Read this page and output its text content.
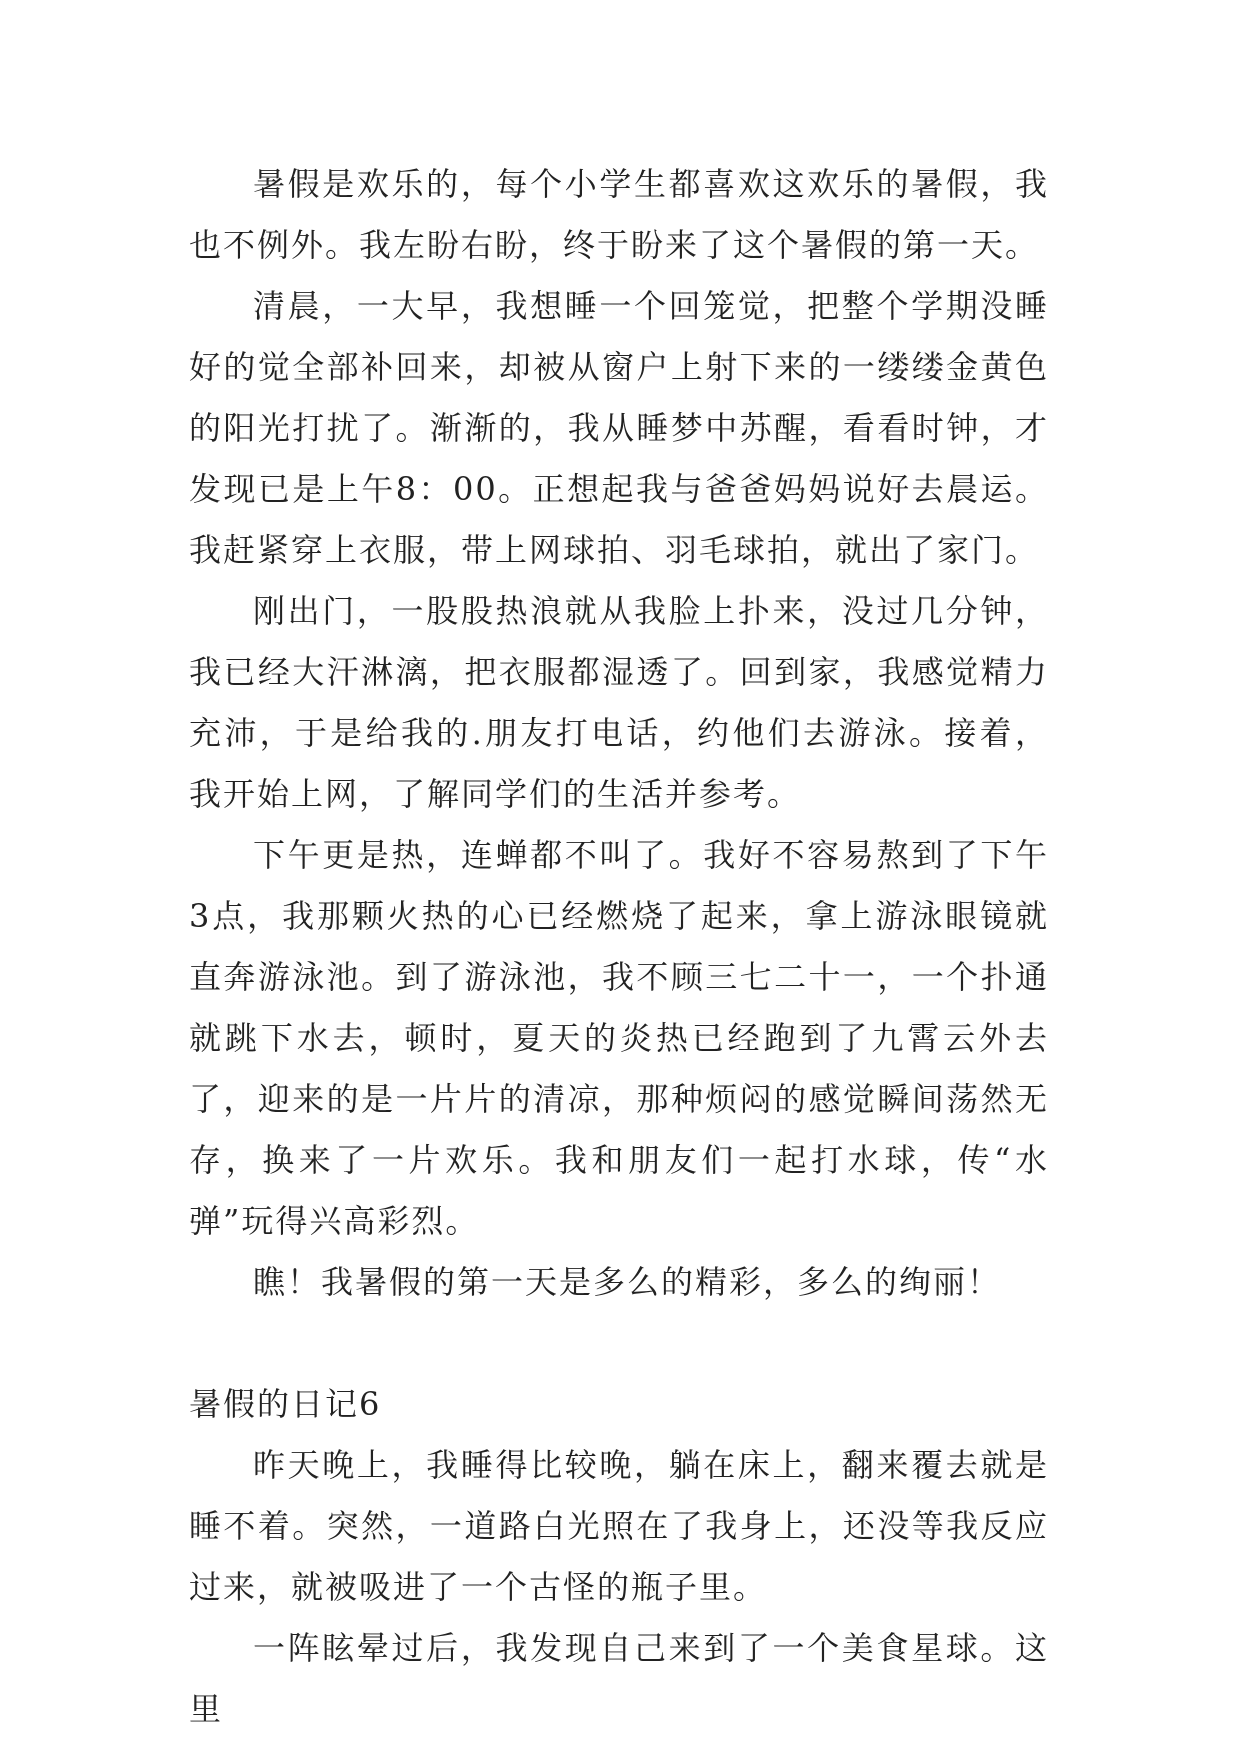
暑假是欢乐的，每个小学生都喜欢这欢乐的暑假，我也不例外。我左盼右盼，终于盼来了这个暑假的第一天。

清晨，一大早，我想睡一个回笼觉，把整个学期没睡好的觉全部补回来，却被从窗户上射下来的一缕缕金黄色的阳光打扰了。渐渐的，我从睡梦中苏醒，看看时钟，才发现已是上午8：00。正想起我与爸爸妈妈说好去晨运。我赶紧穿上衣服，带上网球拍、羽毛球拍，就出了家门。

刚出门，一股股热浪就从我脸上扑来，没过几分钟，我已经大汗淋漓，把衣服都湿透了。回到家，我感觉精力充沛，于是给我的.朋友打电话，约他们去游泳。接着，我开始上网，了解同学们的生活并参考。

下午更是热，连蝉都不叫了。我好不容易熬到了下午3点，我那颗火热的心已经燃烧了起来，拿上游泳眼镜就直奔游泳池。到了游泳池，我不顾三七二十一，一个扑通就跳下水去，顿时，夏天的炎热已经跑到了九霄云外去了，迎来的是一片片的清凉，那种烦闷的感觉瞬间荡然无存，换来了一片欢乐。我和朋友们一起打水球，传“水弹”玩得兴高彩烈。

瞧！我暑假的第一天是多么的精彩，多么的绚丽！

暑假的日记6

昨天晚上，我睡得比较晚，躺在床上，翻来覆去就是睡不着。突然，一道路白光照在了我身上，还没等我反应过来，就被吸进了一个古怪的瓶子里。

一阵眩晕过后，我发现自己来到了一个美食星球。这里
